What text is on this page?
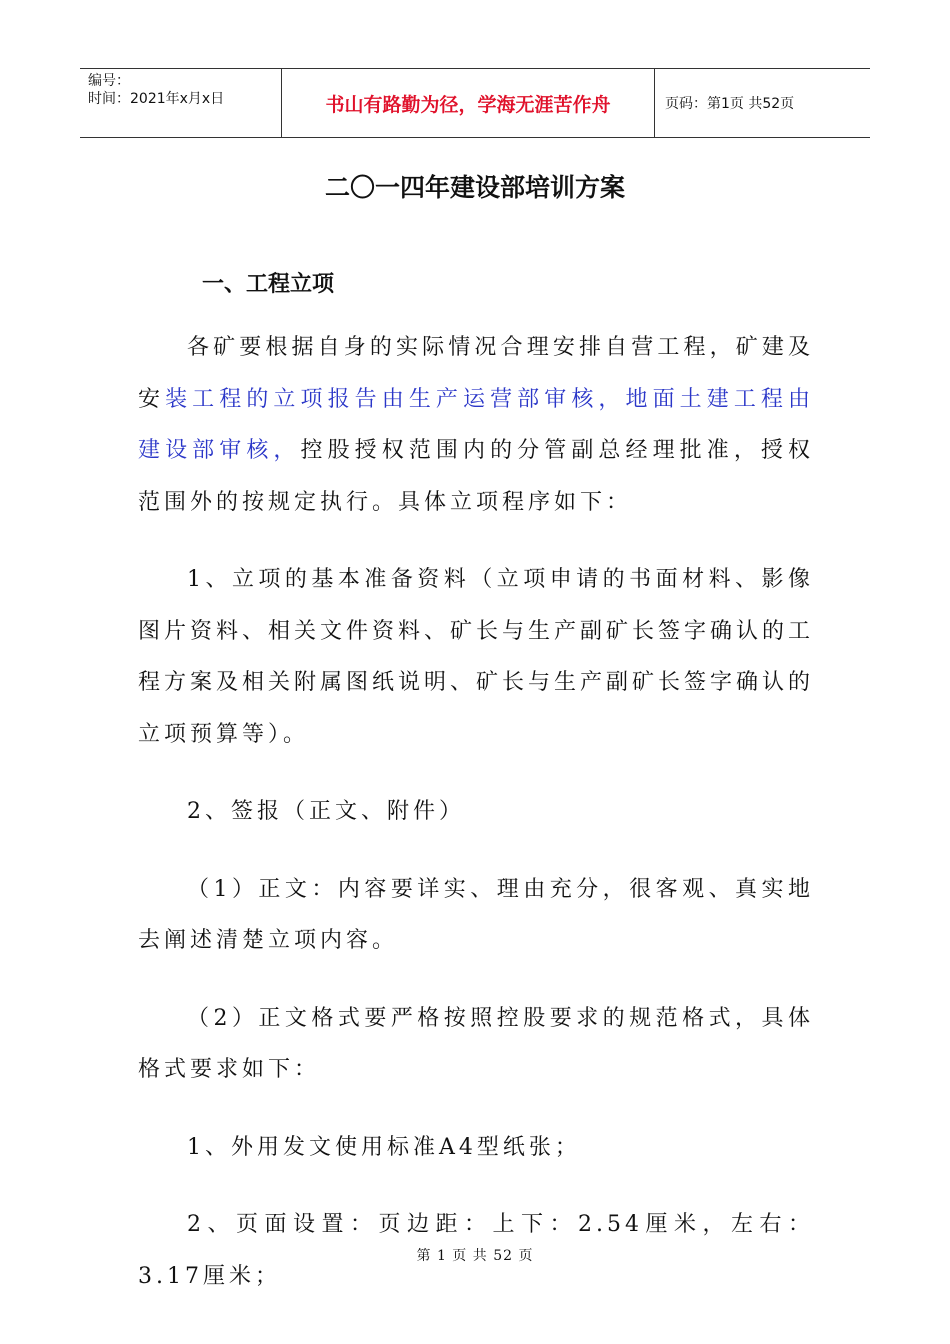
编号：
时间：2021年x月x日	书山有路勤为径，学海无涯苦作舟	页码：第1页 共52页
二〇一四年建设部培训方案
一、工程立项

各矿要根据自身的实际情况合理安排自营工程，矿建及安装工程的立项报告由生产运营部审核，地面土建工程由建设部审核，控股授权范围内的分管副总经理批准，授权范围外的按规定执行。具体立项程序如下：

1、立项的基本准备资料（立项申请的书面材料、影像图片资料、相关文件资料、矿长与生产副矿长签字确认的工程方案及相关附属图纸说明、矿长与生产副矿长签字确认的立项预算等）。

2、签报（正文、附件）

（1）正文：内容要详实、理由充分，很客观、真实地去阐述清楚立项内容。

（2）正文格式要严格按照控股要求的规范格式，具体格式要求如下：

1、外用发文使用标准A4型纸张；

2、页面设置：页边距：上下：2.54厘米，左右：3.17厘米；

第 1 页 共 52 页
